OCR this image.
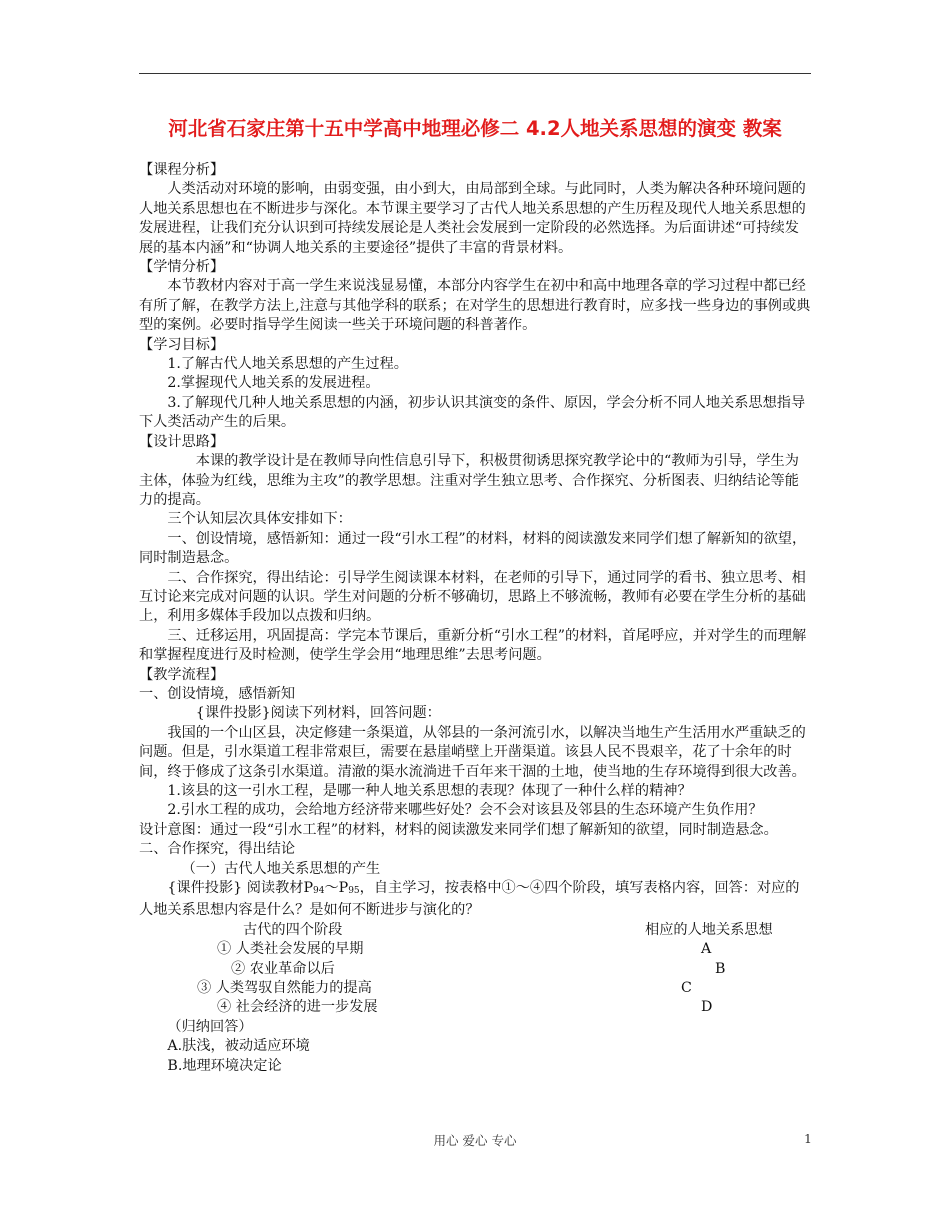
河北省石家庄第十五中学高中地理必修二 4.2人地关系思想的演变 教案

【课程分析】

人类活动对环境的影响，由弱变强，由小到大，由局部到全球。与此同时，人类为解决各种环境问题的人地关系思想也在不断进步与深化。本节课主要学习了古代人地关系思想的产生历程及现代人地关系思想的发展进程，让我们充分认识到可持续发展论是人类社会发展到一定阶段的必然选择。为后面讲述“可持续发展的基本内涵”和“协调人地关系的主要途径”提供了丰富的背景材料。

【学情分析】

本节教材内容对于高一学生来说浅显易懂，本部分内容学生在初中和高中地理各章的学习过程中都已经有所了解，在教学方法上,注意与其他学科的联系；在对学生的思想进行教育时，应多找一些身边的事例或典型的案例。必要时指导学生阅读一些关于环境问题的科普著作。

【学习目标】

1.了解古代人地关系思想的产生过程。

2.掌握现代人地关系的发展进程。

3.了解现代几种人地关系思想的内涵，初步认识其演变的条件、原因，学会分析不同人地关系思想指导下人类活动产生的后果。

【设计思路】

本课的教学设计是在教师导向性信息引导下，积极贯彻诱思探究教学论中的“教师为引导，学生为主体，体验为红线，思维为主攻”的教学思想。注重对学生独立思考、合作探究、分析图表、归纳结论等能力的提高。

三个认知层次具体安排如下：

一、创设情境，感悟新知：通过一段“引水工程”的材料，材料的阅读激发来同学们想了解新知的欲望，同时制造悬念。

二、合作探究，得出结论：引导学生阅读课本材料，在老师的引导下，通过同学的看书、独立思考、相互讨论来完成对问题的认识。学生对问题的分析不够确切，思路上不够流畅，教师有必要在学生分析的基础上，利用多媒体手段加以点拨和归纳。

三、迁移运用，巩固提高：学完本节课后，重新分析“引水工程”的材料，首尾呼应，并对学生的而理解和掌握程度进行及时检测，使学生学会用“地理思维”去思考问题。

【教学流程】

一、创设情境，感悟新知

{课件投影}阅读下列材料，回答问题：

我国的一个山区县，决定修建一条渠道，从邻县的一条河流引水，以解决当地生产生活用水严重缺乏的问题。但是，引水渠道工程非常艰巨，需要在悬崖峭壁上开凿渠道。该县人民不畏艰辛，花了十余年的时间，终于修成了这条引水渠道。清澈的渠水流淌进千百年来干涸的土地，使当地的生存环境得到很大改善。

1.该县的这一引水工程，是哪一种人地关系思想的表现？体现了一种什么样的精神？

2.引水工程的成功，会给地方经济带来哪些好处？会不会对该县及邻县的生态环境产生负作用？

设计意图：通过一段“引水工程”的材料，材料的阅读激发来同学们想了解新知的欲望，同时制造悬念。

二、合作探究，得出结论

（一）古代人地关系思想的产生

{课件投影} 阅读教材$P_{94}\sim P_{95}$，自主学习，按表格中①～④四个阶段，填写表格内容，回答：对应的人地关系思想内容是什么？是如何不断进步与演化的？

古代的四个阶段	相应的人地关系思想
① 人类社会发展的早期	A
② 农业革命以后	B
③ 人类驾驭自然能力的提高	C
④ 社会经济的进一步发展	D

（归纳回答）

A.肤浅，被动适应环境

B.地理环境决定论

用心 爱心 专心	1
